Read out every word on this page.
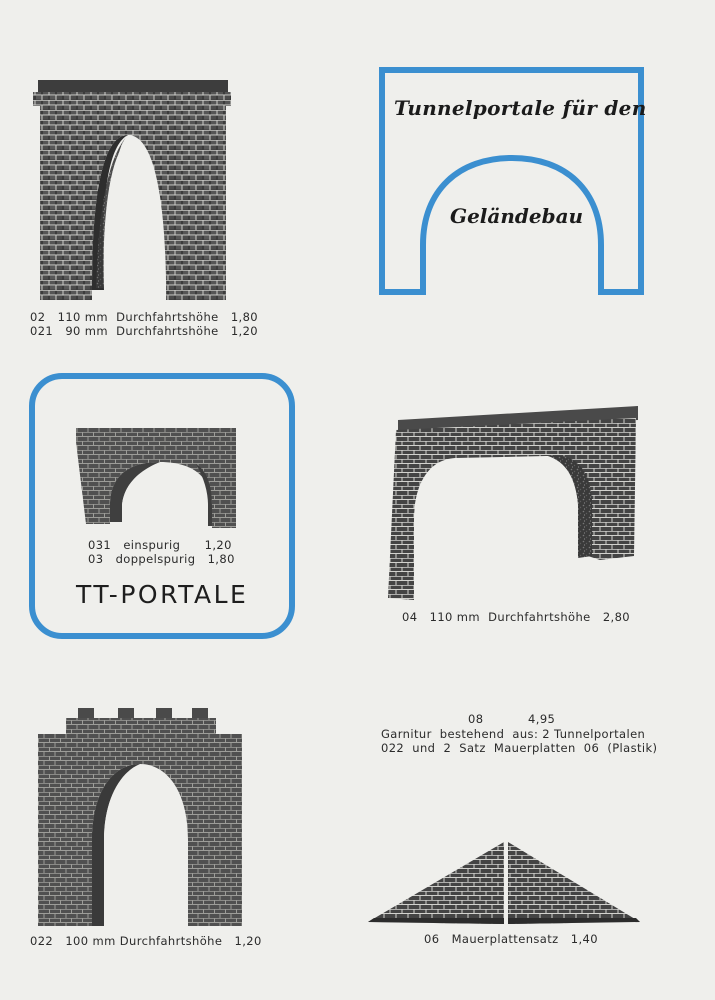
Tunnelportale für den
Geländebau
02   110 mm  Durchfahrtshöhe   1,80
021   90 mm  Durchfahrtshöhe   1,20
031   einspurig      1,20
03   doppelspurig   1,80
TT-PORTALE
04   110 mm  Durchfahrtshöhe   2,80
08           4,95
Garnitur  bestehend  aus: 2 Tunnelportalen
022  und  2  Satz  Mauerplatten  06  (Plastik)
022   100 mm Durchfahrtshöhe   1,20	06   Mauerplattensatz   1,40
